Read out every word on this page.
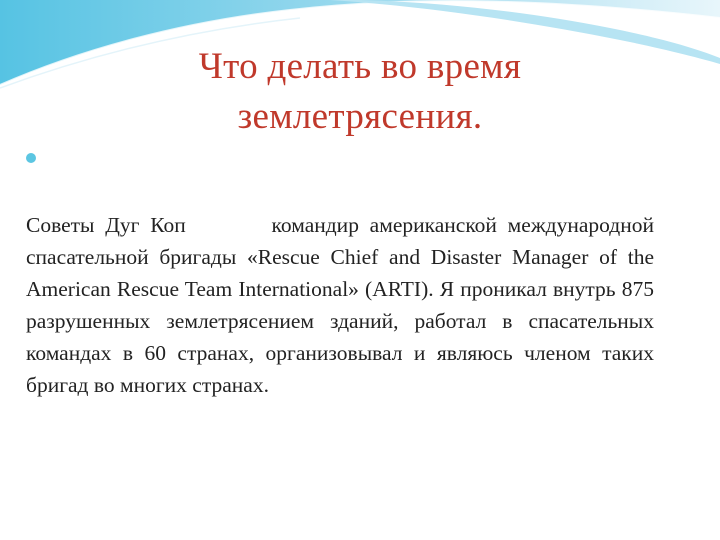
Что делать во время землетрясения.
Советы Дуг Коп	командир американской международной спасательной бригады «Rescue Chief and Disaster Manager of the American Rescue Team International» (ARTI). Я проникал внутрь 875 разрушенных землетрясением зданий, работал в спасательных командах в 60 странах, организовывал и являюсь членом таких бригад во многих странах.
